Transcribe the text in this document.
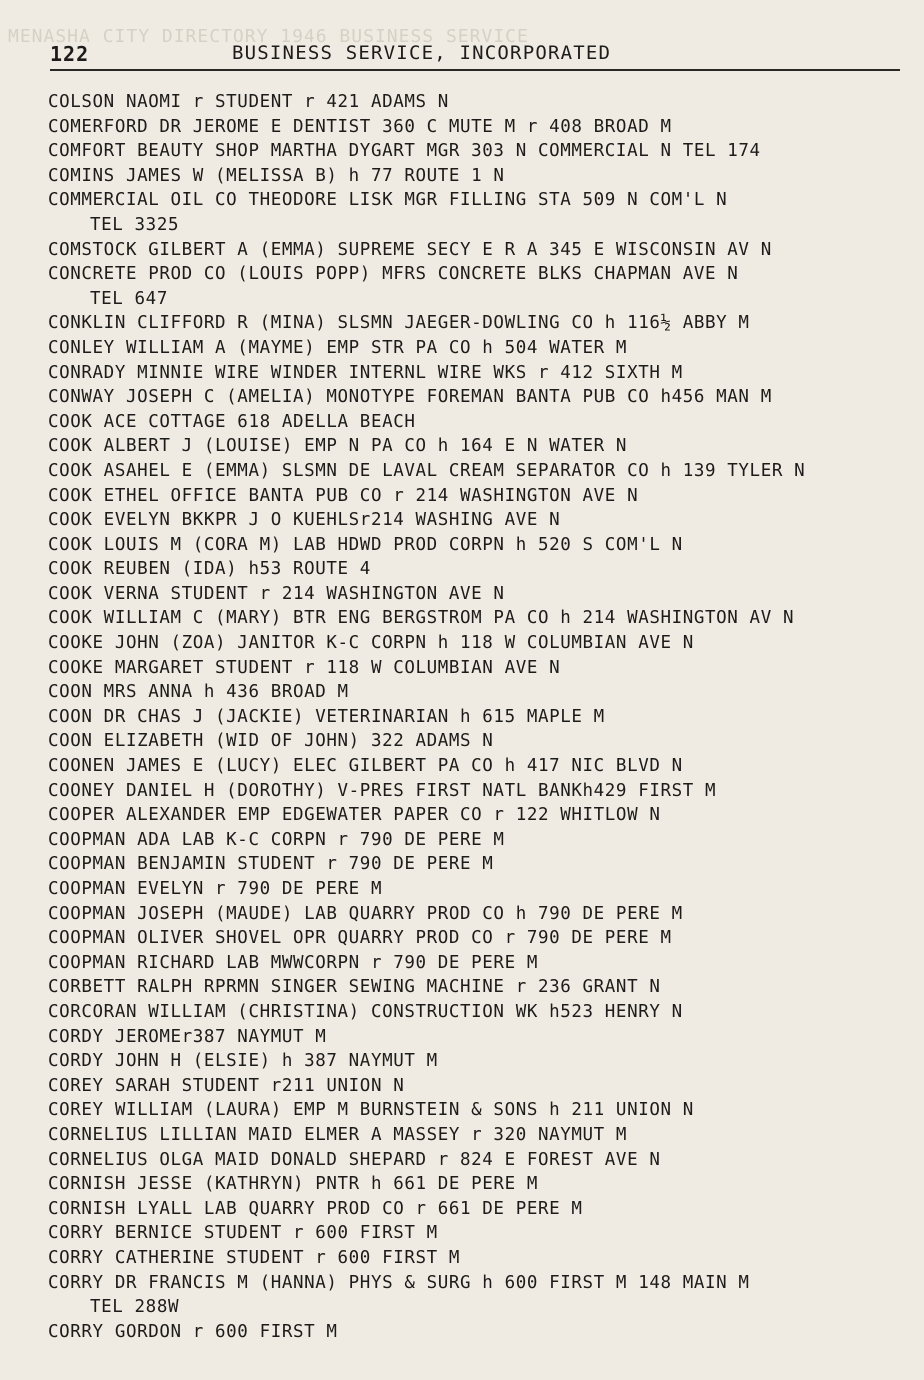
MENASHA CITY DIRECTORY 1946 BUSINESS SERVICE
122	BUSINESS SERVICE, INCORPORATED
COLSON NAOMI r STUDENT r 421 ADAMS N
COMERFORD DR JEROME E DENTIST 360 C MUTE M r 408 BROAD M
COMFORT BEAUTY SHOP MARTHA DYGART MGR 303 N COMMERCIAL N TEL 174
COMINS JAMES W (MELISSA B) h 77 ROUTE 1 N
COMMERCIAL OIL CO THEODORE LISK MGR FILLING STA 509 N COM'L N
TEL 3325
COMSTOCK GILBERT A (EMMA) SUPREME SECY E R A 345 E WISCONSIN AV N
CONCRETE PROD CO (LOUIS POPP) MFRS CONCRETE BLKS CHAPMAN AVE N
TEL 647
CONKLIN CLIFFORD R (MINA) SLSMN JAEGER-DOWLING CO h 116½ ABBY M
CONLEY WILLIAM A (MAYME) EMP STR PA CO h 504 WATER M
CONRADY MINNIE WIRE WINDER INTERNL WIRE WKS r 412 SIXTH M
CONWAY JOSEPH C (AMELIA) MONOTYPE FOREMAN BANTA PUB CO h456 MAN M
COOK ACE COTTAGE 618 ADELLA BEACH
COOK ALBERT J (LOUISE) EMP N PA CO h 164 E N WATER N
COOK ASAHEL E (EMMA) SLSMN DE LAVAL CREAM SEPARATOR CO h 139 TYLER N
COOK ETHEL OFFICE BANTA PUB CO r 214 WASHINGTON AVE N
COOK EVELYN BKKPR J O KUEHLSr214 WASHING AVE N
COOK LOUIS M (CORA M) LAB HDWD PROD CORPN h 520 S COM'L N
COOK REUBEN (IDA) h53 ROUTE 4
COOK VERNA STUDENT r 214 WASHINGTON AVE N
COOK WILLIAM C (MARY) BTR ENG BERGSTROM PA CO h 214 WASHINGTON AV N
COOKE JOHN (ZOA) JANITOR K-C CORPN h 118 W COLUMBIAN AVE N
COOKE MARGARET STUDENT r 118 W COLUMBIAN AVE N
COON MRS ANNA h 436 BROAD M
COON DR CHAS J (JACKIE) VETERINARIAN h 615 MAPLE M
COON ELIZABETH (WID OF JOHN) 322 ADAMS N
COONEN JAMES E (LUCY) ELEC GILBERT PA CO h 417 NIC BLVD N
COONEY DANIEL H (DOROTHY) V-PRES FIRST NATL BANKh429 FIRST M
COOPER ALEXANDER EMP EDGEWATER PAPER CO r 122 WHITLOW N
COOPMAN ADA LAB K-C CORPN r 790 DE PERE M
COOPMAN BENJAMIN STUDENT r 790 DE PERE M
COOPMAN EVELYN r 790 DE PERE M
COOPMAN JOSEPH (MAUDE) LAB QUARRY PROD CO h 790 DE PERE M
COOPMAN OLIVER SHOVEL OPR QUARRY PROD CO r 790 DE PERE M
COOPMAN RICHARD LAB MWWCORPN r 790 DE PERE M
CORBETT RALPH RPRMN SINGER SEWING MACHINE r 236 GRANT N
CORCORAN WILLIAM (CHRISTINA) CONSTRUCTION WK h523 HENRY N
CORDY JEROMEr387 NAYMUT M
CORDY JOHN H (ELSIE) h 387 NAYMUT M
COREY SARAH STUDENT r211 UNION N
COREY WILLIAM (LAURA) EMP M BURNSTEIN & SONS h 211 UNION N
CORNELIUS LILLIAN MAID ELMER A MASSEY r 320 NAYMUT M
CORNELIUS OLGA MAID DONALD SHEPARD r 824 E FOREST AVE N
CORNISH JESSE (KATHRYN) PNTR h 661 DE PERE M
CORNISH LYALL LAB QUARRY PROD CO r 661 DE PERE M
CORRY BERNICE STUDENT r 600 FIRST M
CORRY CATHERINE STUDENT r 600 FIRST M
CORRY DR FRANCIS M (HANNA) PHYS & SURG h 600 FIRST M 148 MAIN M
TEL 288W
CORRY GORDON r 600 FIRST M
